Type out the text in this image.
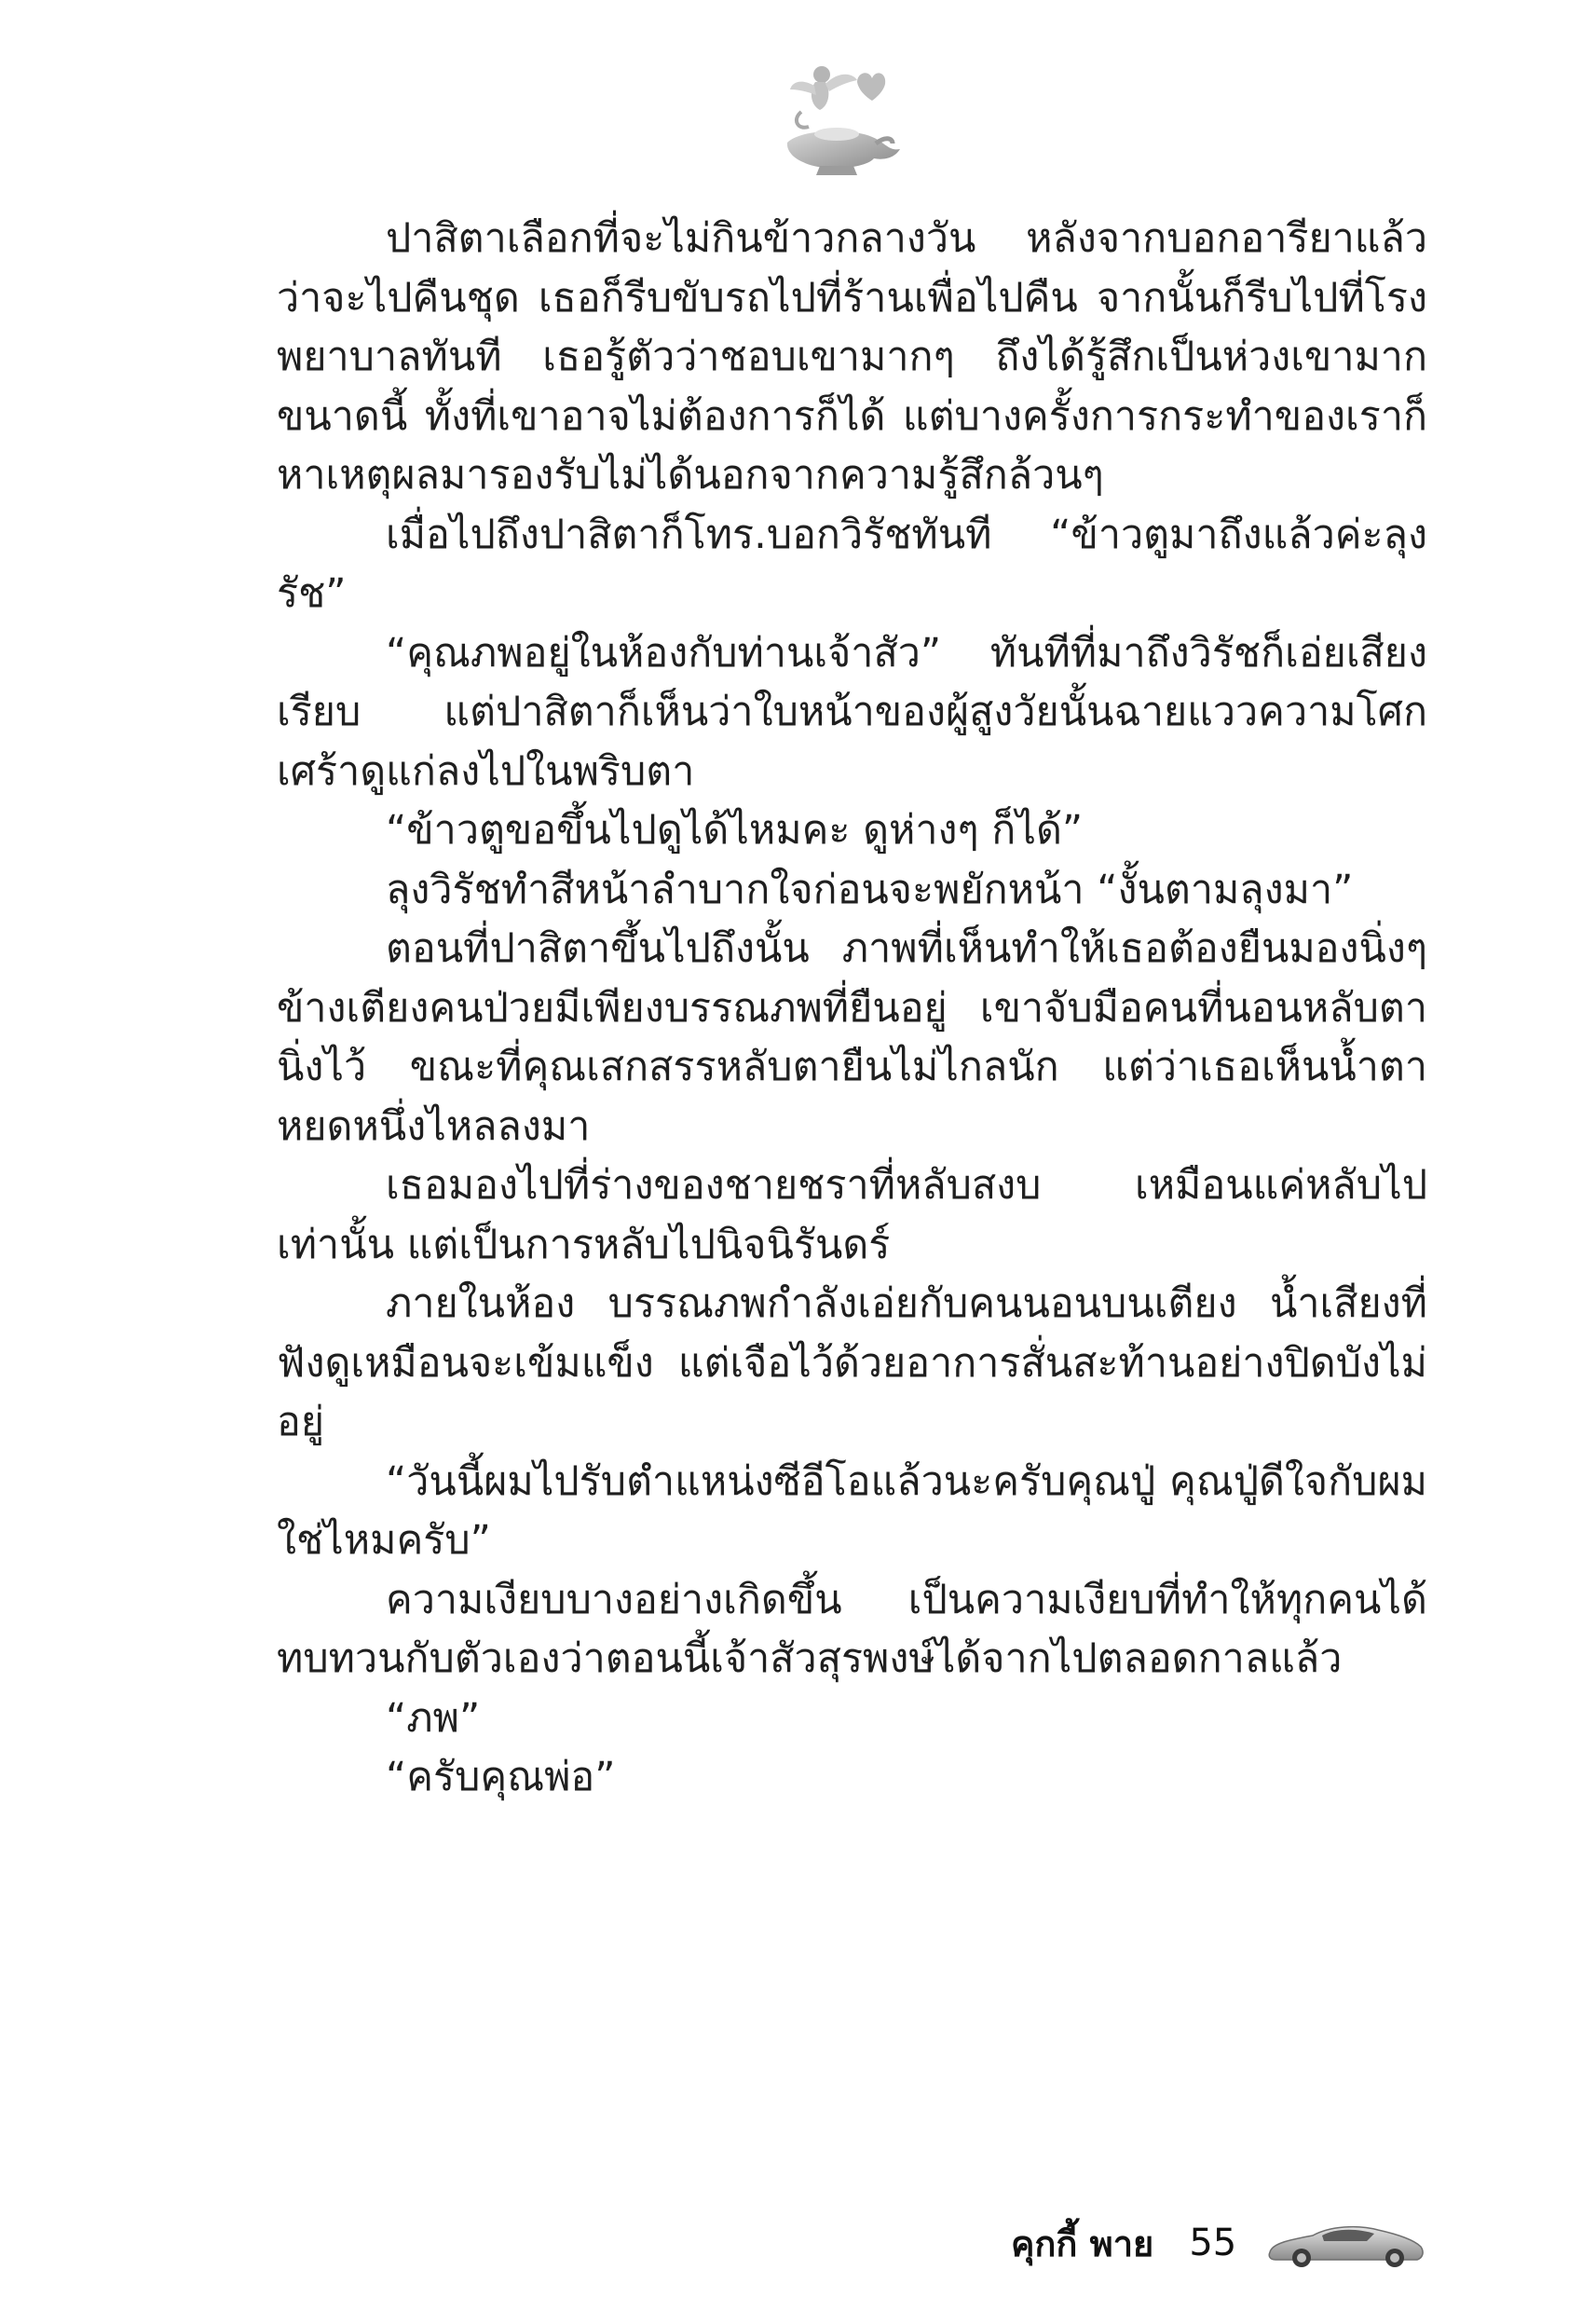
ปาสิตาเลือกที่จะไม่กินข้าวกลางวัน หลังจากบอกอารียาแล้วว่าจะไปคืนชุด เธอก็รีบขับรถไปที่ร้านเพื่อไปคืน จากนั้นก็รีบไปที่โรงพยาบาลทันที เธอรู้ตัวว่าชอบเขามากๆ ถึงได้รู้สึกเป็นห่วงเขามากขนาดนี้ ทั้งที่เขาอาจไม่ต้องการก็ได้ แต่บางครั้งการกระทำของเราก็หาเหตุผลมารองรับไม่ได้นอกจากความรู้สึกล้วนๆ

เมื่อไปถึงปาสิตาก็โทร.บอกวิรัชทันที “ข้าวตูมาถึงแล้วค่ะลุงรัช”

“คุณภพอยู่ในห้องกับท่านเจ้าสัว” ทันทีที่มาถึงวิรัชก็เอ่ยเสียงเรียบ แต่ปาสิตาก็เห็นว่าใบหน้าของผู้สูงวัยนั้นฉายแววความโศกเศร้าดูแก่ลงไปในพริบตา

“ข้าวตูขอขึ้นไปดูได้ไหมคะ ดูห่างๆ ก็ได้”

ลุงวิรัชทำสีหน้าลำบากใจก่อนจะพยักหน้า “งั้นตามลุงมา”

ตอนที่ปาสิตาขึ้นไปถึงนั้น ภาพที่เห็นทำให้เธอต้องยืนมองนิ่งๆ ข้างเตียงคนป่วยมีเพียงบรรณภพที่ยืนอยู่ เขาจับมือคนที่นอนหลับตานิ่งไว้ ขณะที่คุณเสกสรรหลับตายืนไม่ไกลนัก แต่ว่าเธอเห็นน้ำตาหยดหนึ่งไหลลงมา

เธอมองไปที่ร่างของชายชราที่หลับสงบ เหมือนแค่หลับไปเท่านั้น แต่เป็นการหลับไปนิจนิรันดร์

ภายในห้อง บรรณภพกำลังเอ่ยกับคนนอนบนเตียง น้ำเสียงที่ฟังดูเหมือนจะเข้มแข็ง แต่เจือไว้ด้วยอาการสั่นสะท้านอย่างปิดบังไม่อยู่

“วันนี้ผมไปรับตำแหน่งซีอีโอแล้วนะครับคุณปู่ คุณปู่ดีใจกับผมใช่ไหมครับ”

ความเงียบบางอย่างเกิดขึ้น เป็นความเงียบที่ทำให้ทุกคนได้ทบทวนกับตัวเองว่าตอนนี้เจ้าสัวสุรพงษ์ได้จากไปตลอดกาลแล้ว

“ภพ”

“ครับคุณพ่อ”

คุกกี้ พาย 55
